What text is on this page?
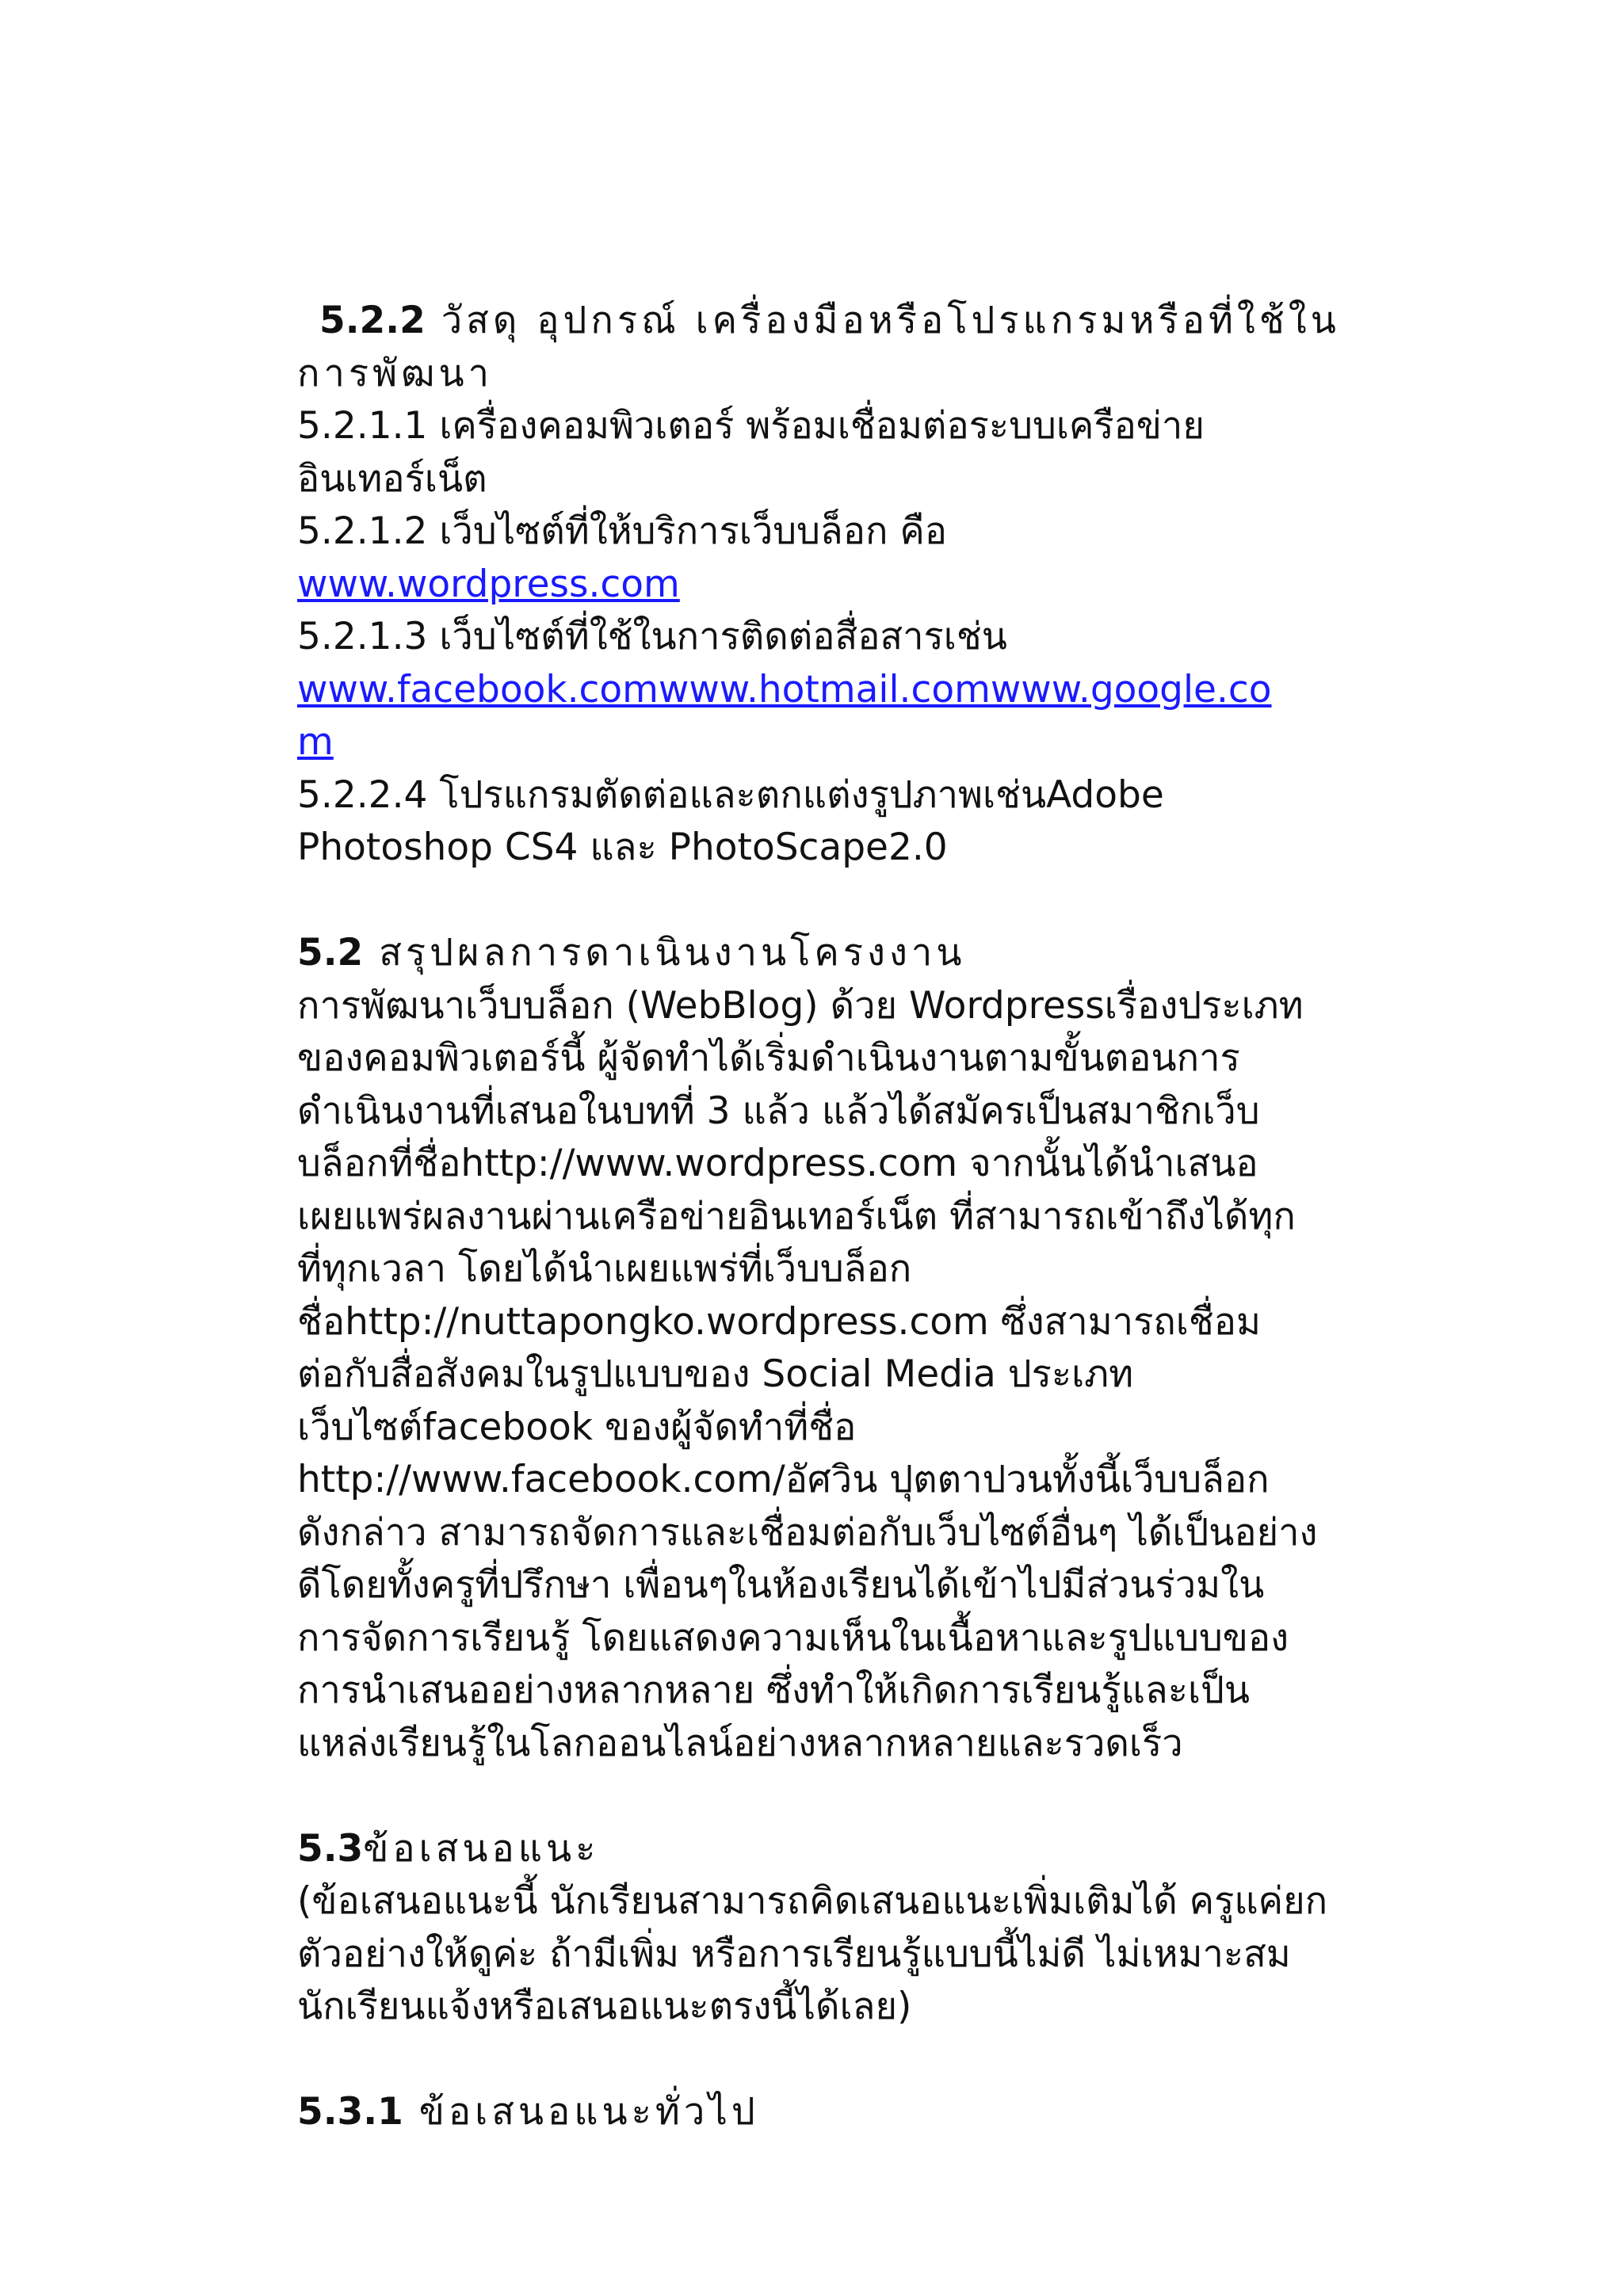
5.2.2 วัสดุ อุปกรณ์ เครื่องมือหรือโปรแกรมหรือที่ใช้ใน
การพัฒนา
5.2.1.1 เครื่องคอมพิวเตอร์ พร้อมเชื่อมต่อระบบเครือข่าย
อินเทอร์เน็ต
5.2.1.2 เว็บไซต์ที่ให้บริการเว็บบล็อก คือ
www.wordpress.com
5.2.1.3 เว็บไซต์ที่ใช้ในการติดต่อสื่อสารเช่น
www.facebook.comwww.hotmail.comwww.google.co
m
5.2.2.4 โปรแกรมตัดต่อและตกแต่งรูปภาพเช่นAdobe
Photoshop CS4 และ PhotoScape2.0
5.2 สรุปผลการดาเนินงานโครงงาน
การพัฒนาเว็บบล็อก (WebBlog) ด้วย Wordpressเรื่องประเภท
ของคอมพิวเตอร์นี้ ผู้จัดทำได้เริ่มดำเนินงานตามขั้นตอนการ
ดำเนินงานที่เสนอในบทที่ 3 แล้ว แล้วได้สมัครเป็นสมาชิกเว็บ
บล็อกที่ชื่อhttp://www.wordpress.com จากนั้นได้นำเสนอ
เผยแพร่ผลงานผ่านเครือข่ายอินเทอร์เน็ต ที่สามารถเข้าถึงได้ทุก
ที่ทุกเวลา โดยได้นำเผยแพร่ที่เว็บบล็อก
ชื่อhttp://nuttapongko.wordpress.com ซึ่งสามารถเชื่อม
ต่อกับสื่อสังคมในรูปแบบของ Social Media ประเภท
เว็บไซต์facebook ของผู้จัดทำที่ชื่อ
http://www.facebook.com/อัศวิน ปุตตาปวนทั้งนี้เว็บบล็อก
ดังกล่าว สามารถจัดการและเชื่อมต่อกับเว็บไซต์อื่นๆ ได้เป็นอย่าง
ดีโดยทั้งครูที่ปรึกษา เพื่อนๆในห้องเรียนได้เข้าไปมีส่วนร่วมใน
การจัดการเรียนรู้ โดยแสดงความเห็นในเนื้อหาและรูปแบบของ
การนำเสนออย่างหลากหลาย ซึ่งทำให้เกิดการเรียนรู้และเป็น
แหล่งเรียนรู้ในโลกออนไลน์อย่างหลากหลายและรวดเร็ว
5.3ข้อเสนอแนะ
(ข้อเสนอแนะนี้ นักเรียนสามารถคิดเสนอแนะเพิ่มเติมได้ ครูแค่ยก
ตัวอย่างให้ดูค่ะ ถ้ามีเพิ่ม หรือการเรียนรู้แบบนี้ไม่ดี ไม่เหมาะสม
นักเรียนแจ้งหรือเสนอแนะตรงนี้ได้เลย)
5.3.1 ข้อเสนอแนะทั่วไป
